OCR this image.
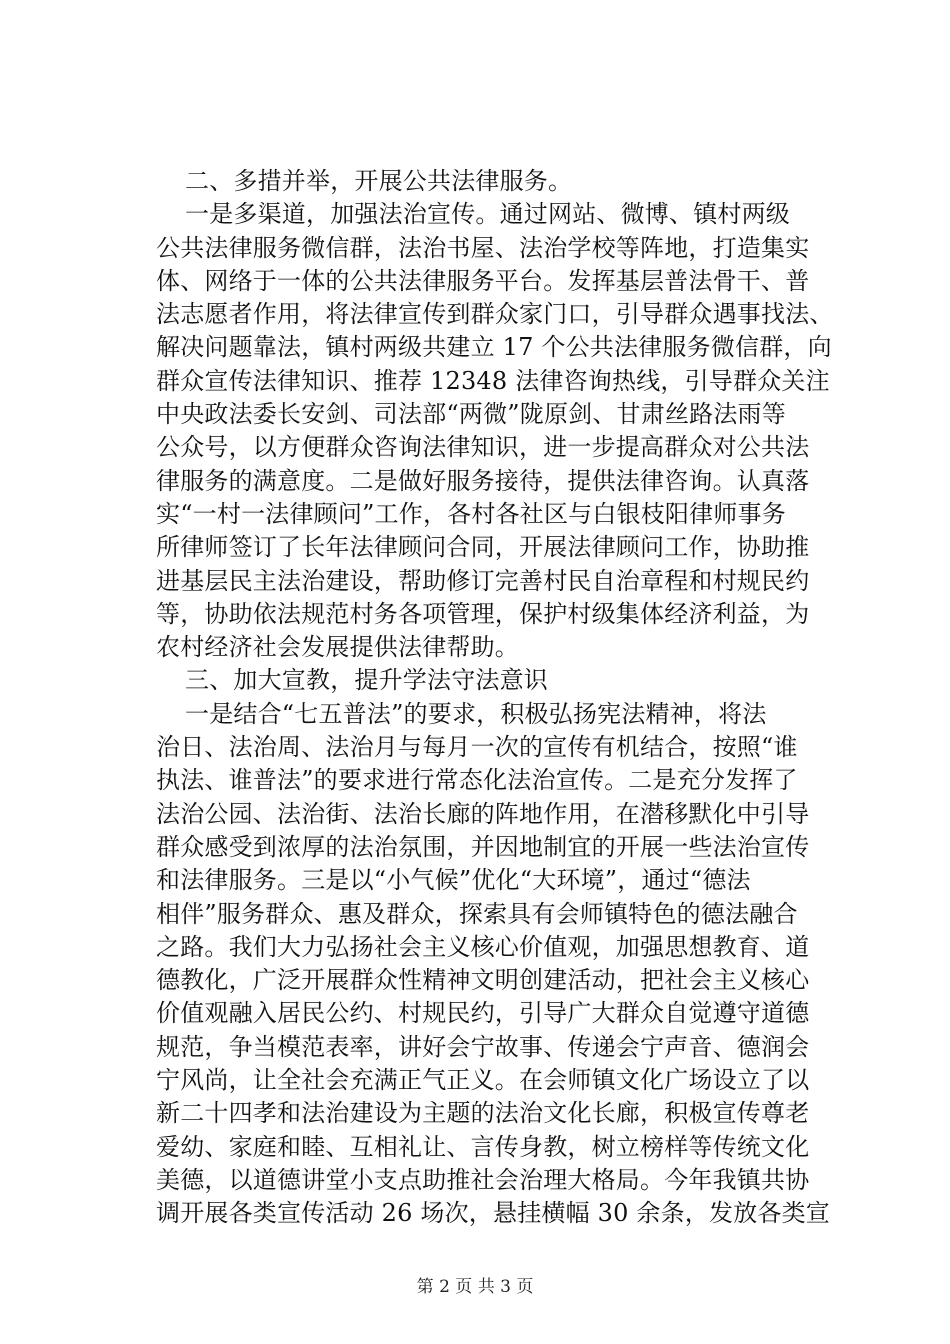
二、多措并举，开展公共法律服务。
一是多渠道，加强法治宣传。通过网站、微博、镇村两级
公共法律服务微信群，法治书屋、法治学校等阵地，打造集实
体、网络于一体的公共法律服务平台。发挥基层普法骨干、普
法志愿者作用，将法律宣传到群众家门口，引导群众遇事找法、
解决问题靠法，镇村两级共建立 17 个公共法律服务微信群，向
群众宣传法律知识、推荐 12348 法律咨询热线，引导群众关注
中央政法委长安剑、司法部“两微”陇原剑、甘肃丝路法雨等
公众号，以方便群众咨询法律知识，进一步提高群众对公共法
律服务的满意度。二是做好服务接待，提供法律咨询。认真落
实“一村一法律顾问”工作，各村各社区与白银枝阳律师事务
所律师签订了长年法律顾问合同，开展法律顾问工作，协助推
进基层民主法治建设，帮助修订完善村民自治章程和村规民约
等，协助依法规范村务各项管理，保护村级集体经济利益，为
农村经济社会发展提供法律帮助。
三、加大宣教，提升学法守法意识
一是结合“七五普法”的要求，积极弘扬宪法精神，将法
治日、法治周、法治月与每月一次的宣传有机结合，按照“谁
执法、谁普法”的要求进行常态化法治宣传。二是充分发挥了
法治公园、法治街、法治长廊的阵地作用，在潜移默化中引导
群众感受到浓厚的法治氛围，并因地制宜的开展一些法治宣传
和法律服务。三是以“小气候”优化“大环境”，通过“德法
相伴”服务群众、惠及群众，探索具有会师镇特色的德法融合
之路。我们大力弘扬社会主义核心价值观，加强思想教育、道
德教化，广泛开展群众性精神文明创建活动，把社会主义核心
价值观融入居民公约、村规民约，引导广大群众自觉遵守道德
规范，争当模范表率，讲好会宁故事、传递会宁声音、德润会
宁风尚，让全社会充满正气正义。在会师镇文化广场设立了以
新二十四孝和法治建设为主题的法治文化长廊，积极宣传尊老
爱幼、家庭和睦、互相礼让、言传身教，树立榜样等传统文化
美德，以道德讲堂小支点助推社会治理大格局。今年我镇共协
调开展各类宣传活动 26 场次，悬挂横幅 30 余条，发放各类宣
第 2 页 共 3 页
